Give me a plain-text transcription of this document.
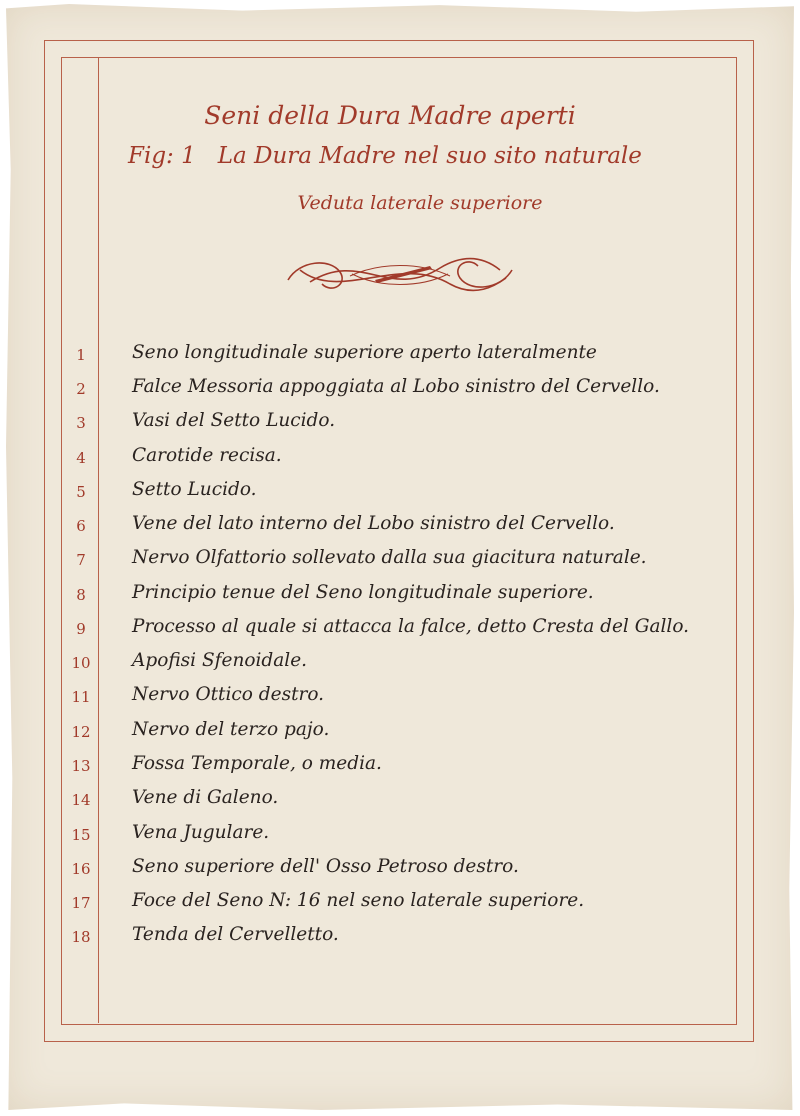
Seni della Dura Madre aperti
Fig: 1 La Dura Madre nel suo sito naturale
Veduta laterale superiore
1	Seno longitudinale superiore aperto lateralmente
2	Falce Messoria appoggiata al Lobo sinistro del Cervello.
3	Vasi del Setto Lucido.
4	Carotide recisa.
5	Setto Lucido.
6	Vene del lato interno del Lobo sinistro del Cervello.
7	Nervo Olfattorio sollevato dalla sua giacitura naturale.
8	Principio tenue del Seno longitudinale superiore.
9	Processo al quale si attacca la falce, detto Cresta del Gallo.
10	Apofisi Sfenoidale.
11	Nervo Ottico destro.
12	Nervo del terzo pajo.
13	Fossa Temporale, o media.
14	Vene di Galeno.
15	Vena Jugulare.
16	Seno superiore dell' Osso Petroso destro.
17	Foce del Seno N: 16 nel seno laterale superiore.
18	Tenda del Cervelletto.
